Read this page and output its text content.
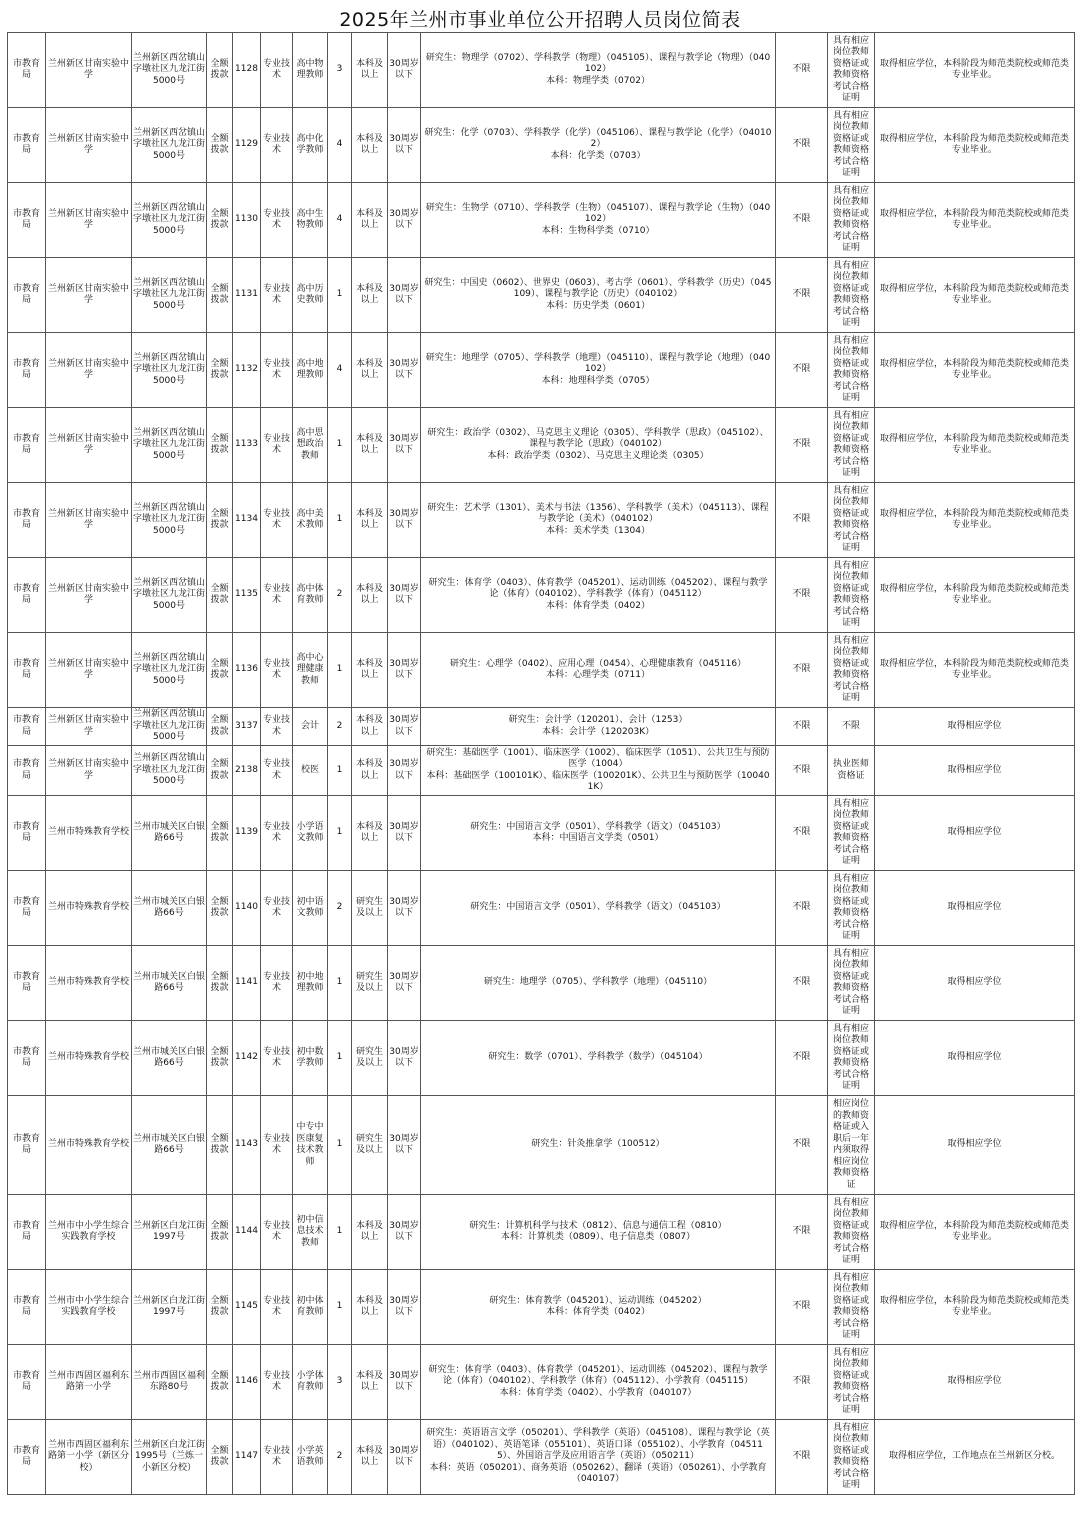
2025年兰州市事业单位公开招聘人员岗位简表
市教育局	兰州新区甘南实验中学	兰州新区西岔镇山字墩社区九龙江街5000号	全额拨款	1128	专业技术	高中物理教师	3	本科及以上	30周岁以下	研究生：物理学（0702）、学科教学（物理）（045105）、课程与教学论（物理）（040102）
本科：物理学类（0702）	不限	具有相应岗位教师资格证或教师资格考试合格证明	取得相应学位，本科阶段为师范类院校或师范类专业毕业。
市教育局	兰州新区甘南实验中学	兰州新区西岔镇山字墩社区九龙江街5000号	全额拨款	1129	专业技术	高中化学教师	4	本科及以上	30周岁以下	研究生：化学（0703）、学科教学（化学）（045106）、课程与教学论（化学）（040102）
本科：化学类（0703）	不限	具有相应岗位教师资格证或教师资格考试合格证明	取得相应学位，本科阶段为师范类院校或师范类专业毕业。
市教育局	兰州新区甘南实验中学	兰州新区西岔镇山字墩社区九龙江街5000号	全额拨款	1130	专业技术	高中生物教师	4	本科及以上	30周岁以下	研究生：生物学（0710）、学科教学（生物）（045107）、课程与教学论（生物）（040102）
本科：生物科学类（0710）	不限	具有相应岗位教师资格证或教师资格考试合格证明	取得相应学位，本科阶段为师范类院校或师范类专业毕业。
市教育局	兰州新区甘南实验中学	兰州新区西岔镇山字墩社区九龙江街5000号	全额拨款	1131	专业技术	高中历史教师	1	本科及以上	30周岁以下	研究生：中国史（0602）、世界史（0603）、考古学（0601）、学科教学（历史）（045109）、课程与教学论（历史）（040102）
本科：历史学类（0601）	不限	具有相应岗位教师资格证或教师资格考试合格证明	取得相应学位，本科阶段为师范类院校或师范类专业毕业。
市教育局	兰州新区甘南实验中学	兰州新区西岔镇山字墩社区九龙江街5000号	全额拨款	1132	专业技术	高中地理教师	4	本科及以上	30周岁以下	研究生：地理学（0705）、学科教学（地理）（045110）、课程与教学论（地理）（040102）
本科：地理科学类（0705）	不限	具有相应岗位教师资格证或教师资格考试合格证明	取得相应学位，本科阶段为师范类院校或师范类专业毕业。
市教育局	兰州新区甘南实验中学	兰州新区西岔镇山字墩社区九龙江街5000号	全额拨款	1133	专业技术	高中思想政治教师	1	本科及以上	30周岁以下	研究生：政治学（0302）、马克思主义理论（0305）、学科教学（思政）（045102）、课程与教学论（思政）（040102）
本科：政治学类（0302）、马克思主义理论类（0305）	不限	具有相应岗位教师资格证或教师资格考试合格证明	取得相应学位，本科阶段为师范类院校或师范类专业毕业。
市教育局	兰州新区甘南实验中学	兰州新区西岔镇山字墩社区九龙江街5000号	全额拨款	1134	专业技术	高中美术教师	1	本科及以上	30周岁以下	研究生：艺术学（1301）、美术与书法（1356）、学科教学（美术）（045113）、课程与教学论（美术）（040102）
本科：美术学类（1304）	不限	具有相应岗位教师资格证或教师资格考试合格证明	取得相应学位，本科阶段为师范类院校或师范类专业毕业。
市教育局	兰州新区甘南实验中学	兰州新区西岔镇山字墩社区九龙江街5000号	全额拨款	1135	专业技术	高中体育教师	2	本科及以上	30周岁以下	研究生：体育学（0403）、体育教学（045201）、运动训练（045202）、课程与教学论（体育）（040102）、学科教学（体育）（045112）
本科：体育学类（0402）	不限	具有相应岗位教师资格证或教师资格考试合格证明	取得相应学位，本科阶段为师范类院校或师范类专业毕业。
市教育局	兰州新区甘南实验中学	兰州新区西岔镇山字墩社区九龙江街5000号	全额拨款	1136	专业技术	高中心理健康教师	1	本科及以上	30周岁以下	研究生：心理学（0402）、应用心理（0454）、心理健康教育（045116）
本科：心理学类（0711）	不限	具有相应岗位教师资格证或教师资格考试合格证明	取得相应学位，本科阶段为师范类院校或师范类专业毕业。
市教育局	兰州新区甘南实验中学	兰州新区西岔镇山字墩社区九龙江街5000号	全额拨款	3137	专业技术	会计	2	本科及以上	30周岁以下	研究生：会计学（120201）、会计（1253）
本科：会计学（120203K）	不限	不限	取得相应学位
市教育局	兰州新区甘南实验中学	兰州新区西岔镇山字墩社区九龙江街5000号	全额拨款	2138	专业技术	校医	1	本科及以上	30周岁以下	研究生：基础医学（1001）、临床医学（1002）、临床医学（1051）、公共卫生与预防医学（1004）
本科：基础医学（100101K）、临床医学（100201K）、公共卫生与预防医学（100401K）	不限	执业医师资格证	取得相应学位
市教育局	兰州市特殊教育学校	兰州市城关区白银路66号	全额拨款	1139	专业技术	小学语文教师	1	本科及以上	30周岁以下	研究生：中国语言文学（0501）、学科教学（语文）（045103）
本科：中国语言文学类（0501）	不限	具有相应岗位教师资格证或教师资格考试合格证明	取得相应学位
市教育局	兰州市特殊教育学校	兰州市城关区白银路66号	全额拨款	1140	专业技术	初中语文教师	2	研究生及以上	30周岁以下	研究生：中国语言文学（0501）、学科教学（语文）（045103）	不限	具有相应岗位教师资格证或教师资格考试合格证明	取得相应学位
市教育局	兰州市特殊教育学校	兰州市城关区白银路66号	全额拨款	1141	专业技术	初中地理教师	1	研究生及以上	30周岁以下	研究生：地理学（0705）、学科教学（地理）（045110）	不限	具有相应岗位教师资格证或教师资格考试合格证明	取得相应学位
市教育局	兰州市特殊教育学校	兰州市城关区白银路66号	全额拨款	1142	专业技术	初中数学教师	1	研究生及以上	30周岁以下	研究生：数学（0701）、学科教学（数学）（045104）	不限	具有相应岗位教师资格证或教师资格考试合格证明	取得相应学位
市教育局	兰州市特殊教育学校	兰州市城关区白银路66号	全额拨款	1143	专业技术	中专中医康复技术教师	1	研究生及以上	30周岁以下	研究生：针灸推拿学（100512）	不限	相应岗位的教师资格证或入职后一年内须取得相应岗位教师资格证	取得相应学位
市教育局	兰州市中小学生综合实践教育学校	兰州新区白龙江街1997号	全额拨款	1144	专业技术	初中信息技术教师	1	本科及以上	30周岁以下	研究生：计算机科学与技术（0812）、信息与通信工程（0810）
本科：计算机类（0809）、电子信息类（0807）	不限	具有相应岗位教师资格证或教师资格考试合格证明	取得相应学位，本科阶段为师范类院校或师范类专业毕业。
市教育局	兰州市中小学生综合实践教育学校	兰州新区白龙江街1997号	全额拨款	1145	专业技术	初中体育教师	1	本科及以上	30周岁以下	研究生：体育教学（045201）、运动训练（045202）
本科：体育学类（0402）	不限	具有相应岗位教师资格证或教师资格考试合格证明	取得相应学位，本科阶段为师范类院校或师范类专业毕业。
市教育局	兰州市西固区福利东路第一小学	兰州市西固区福利东路80号	全额拨款	1146	专业技术	小学体育教师	3	本科及以上	30周岁以下	研究生：体育学（0403）、体育教学（045201）、运动训练（045202）、课程与教学论（体育）（040102）、学科教学（体育）（045112）、小学教育（045115）
本科：体育学类（0402）、小学教育（040107）	不限	具有相应岗位教师资格证或教师资格考试合格证明	取得相应学位
市教育局	兰州市西固区福利东路第一小学（新区分校）	兰州新区白龙江街1995号（兰炼一小新区分校）	全额拨款	1147	专业技术	小学英语教师	2	本科及以上	30周岁以下	研究生：英语语言文学（050201）、学科教学（英语）（045108）、课程与教学论（英语）（040102）、英语笔译（055101）、英语口译（055102）、小学教育（045115）、外国语言学及应用语言学（英语）（050211）
本科：英语（050201）、商务英语（050262）、翻译（英语）（050261）、小学教育（040107）	不限	具有相应岗位教师资格证或教师资格考试合格证明	取得相应学位，工作地点在兰州新区分校。
